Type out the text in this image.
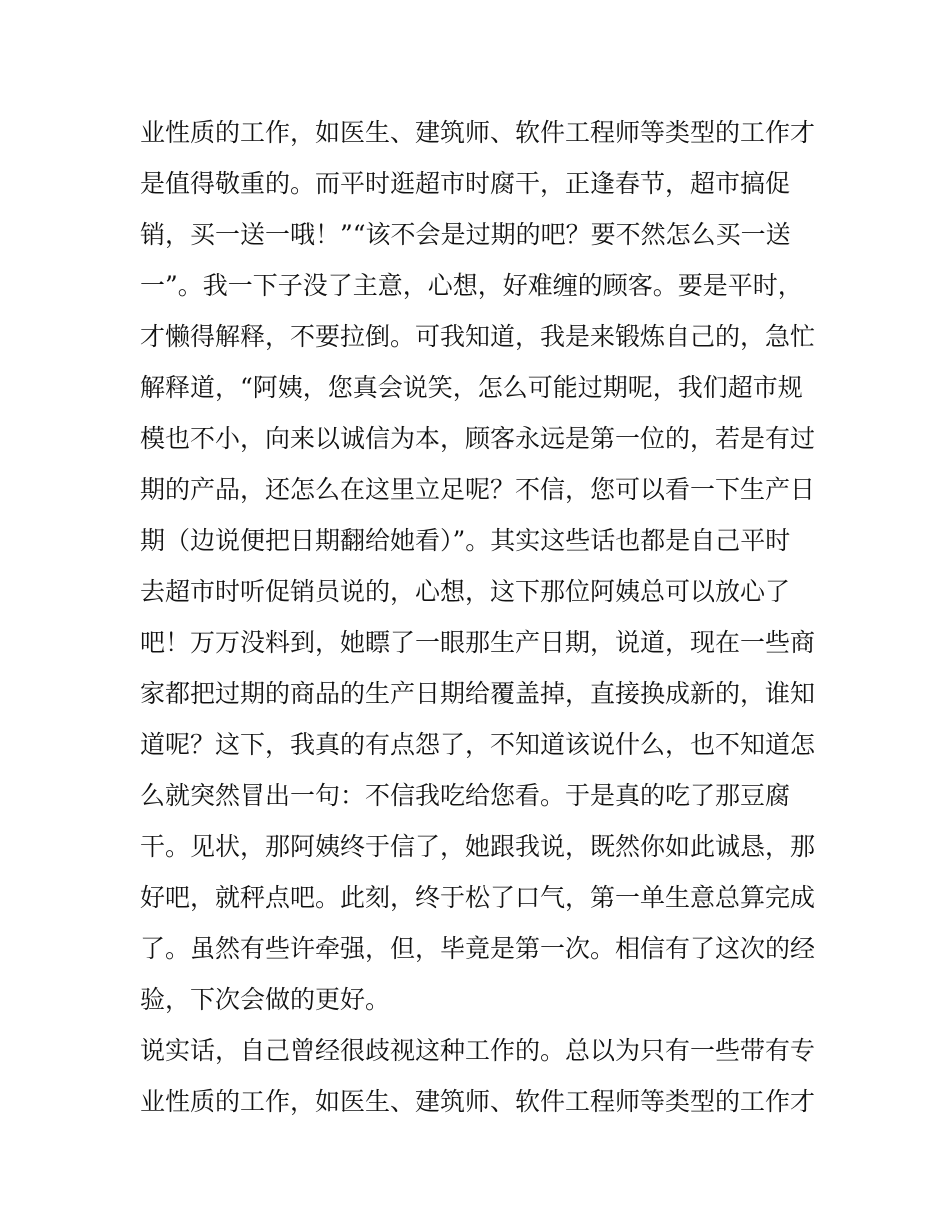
业性质的工作，如医生、建筑师、软件工程师等类型的工作才
是值得敬重的。而平时逛超市时腐干，正逢春节，超市搞促
销，买一送一哦！”“该不会是过期的吧？要不然怎么买一送
一”。我一下子没了主意，心想，好难缠的顾客。要是平时，
才懒得解释，不要拉倒。可我知道，我是来锻炼自己的，急忙
解释道，“阿姨，您真会说笑，怎么可能过期呢，我们超市规
模也不小，向来以诚信为本，顾客永远是第一位的，若是有过
期的产品，还怎么在这里立足呢？不信，您可以看一下生产日
期（边说便把日期翻给她看）”。其实这些话也都是自己平时
去超市时听促销员说的，心想，这下那位阿姨总可以放心了
吧！万万没料到，她瞟了一眼那生产日期，说道，现在一些商
家都把过期的商品的生产日期给覆盖掉，直接换成新的，谁知
道呢？这下，我真的有点怨了，不知道该说什么，也不知道怎
么就突然冒出一句：不信我吃给您看。于是真的吃了那豆腐
干。见状，那阿姨终于信了，她跟我说，既然你如此诚恳，那
好吧，就秤点吧。此刻，终于松了口气，第一单生意总算完成
了。虽然有些许牵强，但，毕竟是第一次。相信有了这次的经
验，下次会做的更好。
说实话，自己曾经很歧视这种工作的。总以为只有一些带有专
业性质的工作，如医生、建筑师、软件工程师等类型的工作才
